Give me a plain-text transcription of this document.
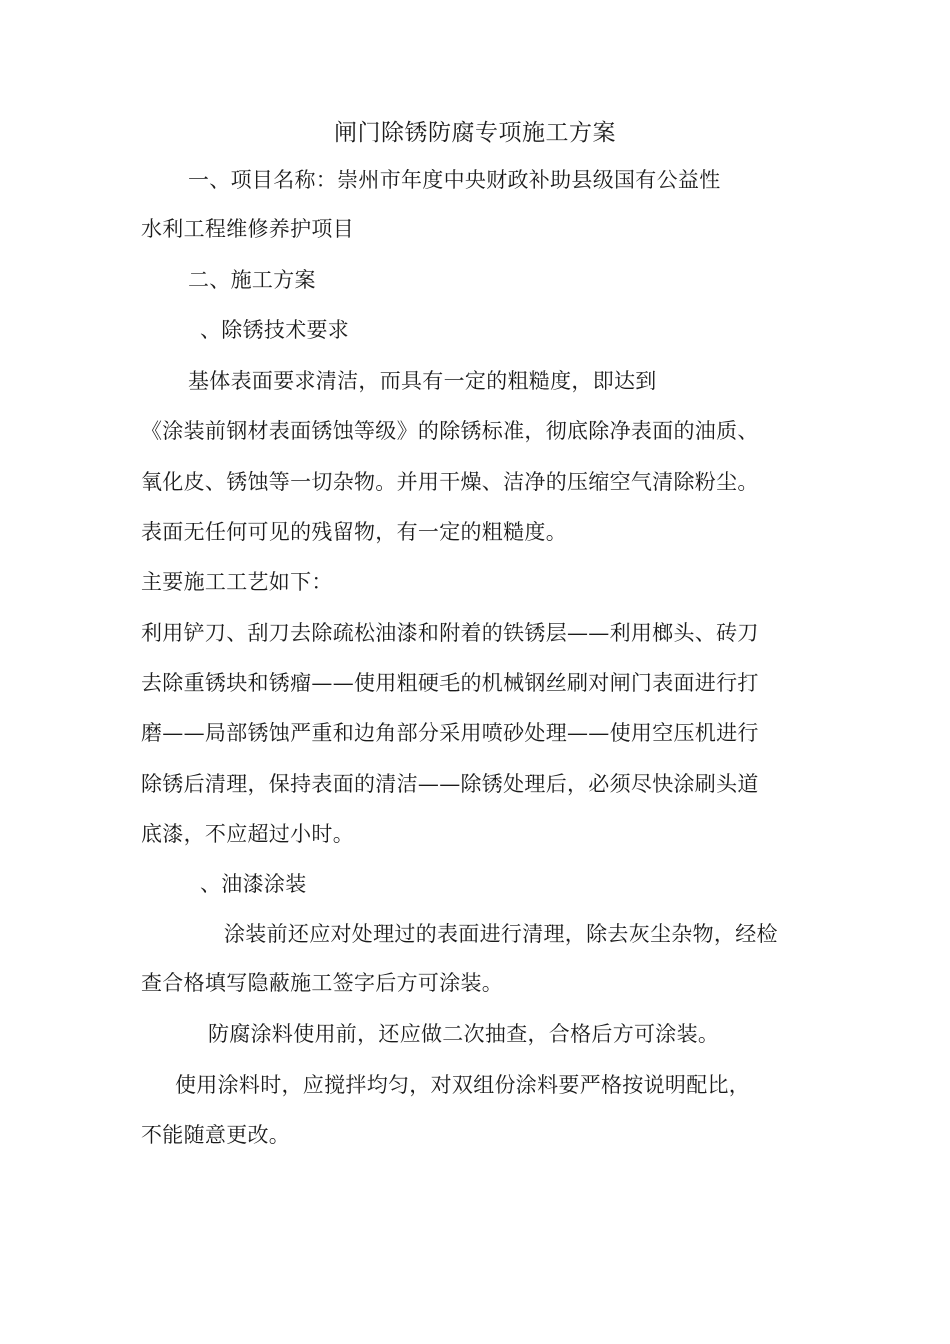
闸门除锈防腐专项施工方案
一、项目名称：崇州市年度中央财政补助县级国有公益性
水利工程维修养护项目
二、施工方案
、除锈技术要求
基体表面要求清洁，而具有一定的粗糙度，即达到
《涂装前钢材表面锈蚀等级》的除锈标准，彻底除净表面的油质、
氧化皮、锈蚀等一切杂物。并用干燥、洁净的压缩空气清除粉尘。
表面无任何可见的残留物，有一定的粗糙度。
主要施工工艺如下：
利用铲刀、刮刀去除疏松油漆和附着的铁锈层——利用榔头、砖刀
去除重锈块和锈瘤——使用粗硬毛的机械钢丝刷对闸门表面进行打
磨——局部锈蚀严重和边角部分采用喷砂处理——使用空压机进行
除锈后清理，保持表面的清洁——除锈处理后，必须尽快涂刷头道
底漆，不应超过小时。
、油漆涂装
涂装前还应对处理过的表面进行清理，除去灰尘杂物，经检
查合格填写隐蔽施工签字后方可涂装。
防腐涂料使用前，还应做二次抽查，合格后方可涂装。
使用涂料时，应搅拌均匀，对双组份涂料要严格按说明配比，
不能随意更改。
